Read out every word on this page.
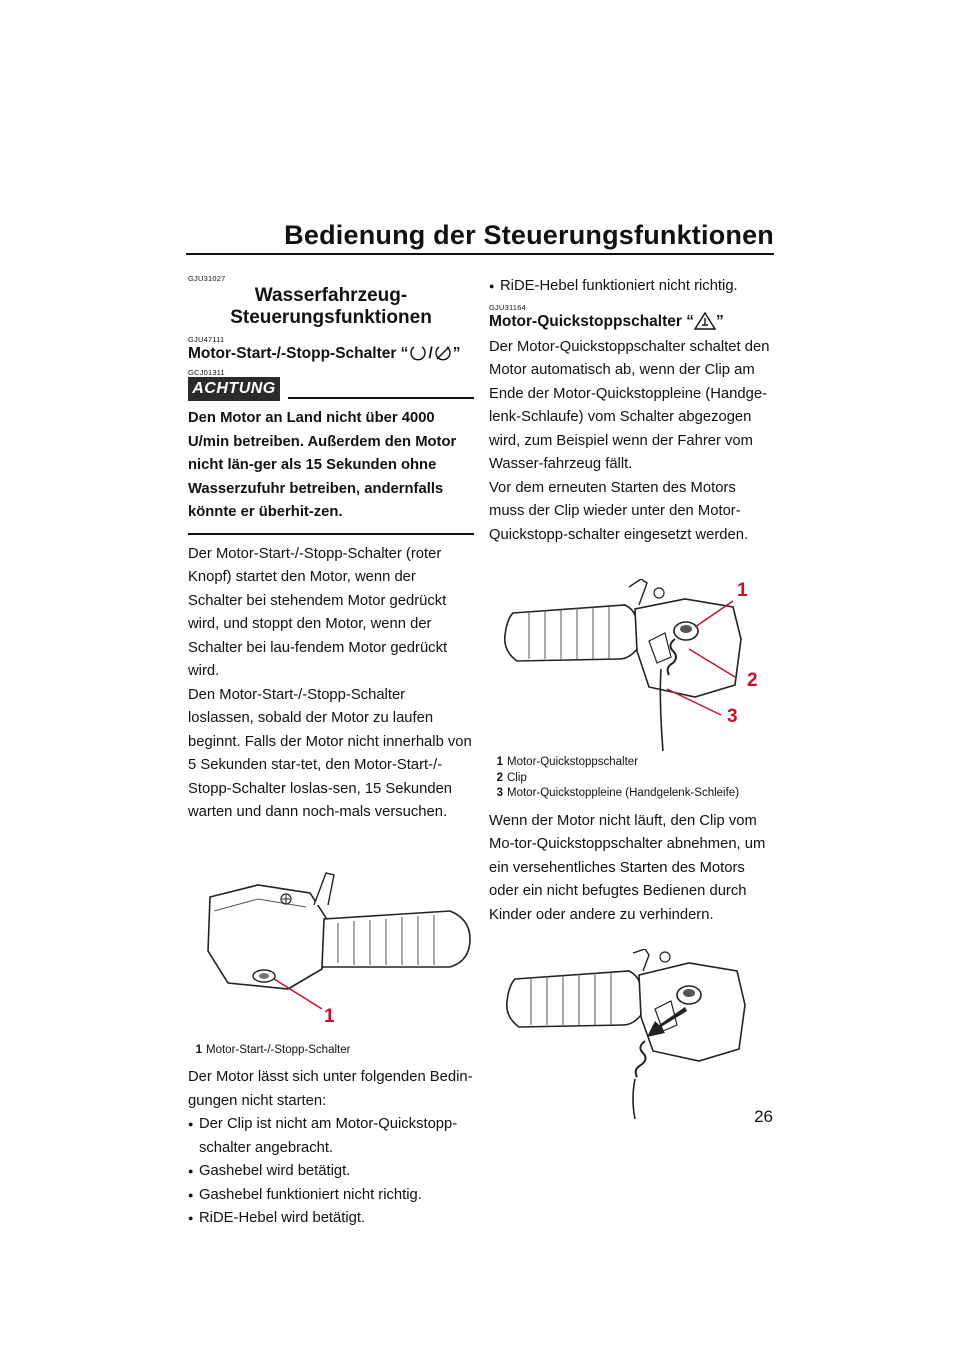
Bedienung der Steuerungsfunktionen
GJU31027
Wasserfahrzeug-
Steuerungsfunktionen
GJU47111
Motor-Start-/-Stopp-Schalter “ / ”
GCJ01311
ACHTUNG

Den Motor an Land nicht über 4000 U/min betreiben. Außerdem den Motor nicht län-ger als 15 Sekunden ohne Wasserzufuhr betreiben, andernfalls könnte er überhit-zen.

Der Motor-Start-/-Stopp-Schalter (roter Knopf) startet den Motor, wenn der Schalter bei stehendem Motor gedrückt wird, und stoppt den Motor, wenn der Schalter bei lau-fendem Motor gedrückt wird.

Den Motor-Start-/-Stopp-Schalter loslassen, sobald der Motor zu laufen beginnt. Falls der Motor nicht innerhalb von 5 Sekunden star-tet, den Motor-Start-/-Stopp-Schalter loslas-sen, 15 Sekunden warten und dann noch-mals versuchen.

1
1 Motor-Start-/-Stopp-Schalter

Der Motor lässt sich unter folgenden Bedin-gungen nicht starten:

● Der Clip ist nicht am Motor-Quickstopp-schalter angebracht.
● Gashebel wird betätigt.
● Gashebel funktioniert nicht richtig.
● RiDE-Hebel wird betätigt.
● RiDE-Hebel funktioniert nicht richtig.
GJU31164
Motor-Quickstoppschalter “ ”

Der Motor-Quickstoppschalter schaltet den Motor automatisch ab, wenn der Clip am Ende der Motor-Quickstoppleine (Handge-lenk-Schlaufe) vom Schalter abgezogen wird, zum Beispiel wenn der Fahrer vom Wasser-fahrzeug fällt.

Vor dem erneuten Starten des Motors muss der Clip wieder unter den Motor-Quickstopp-schalter eingesetzt werden.

1
2
3
1 Motor-Quickstoppschalter
2 Clip
3 Motor-Quickstoppleine (Handgelenk-Schleife)

Wenn der Motor nicht läuft, den Clip vom Mo-tor-Quickstoppschalter abnehmen, um ein versehentliches Starten des Motors oder ein nicht befugtes Bedienen durch Kinder oder andere zu verhindern.

26
